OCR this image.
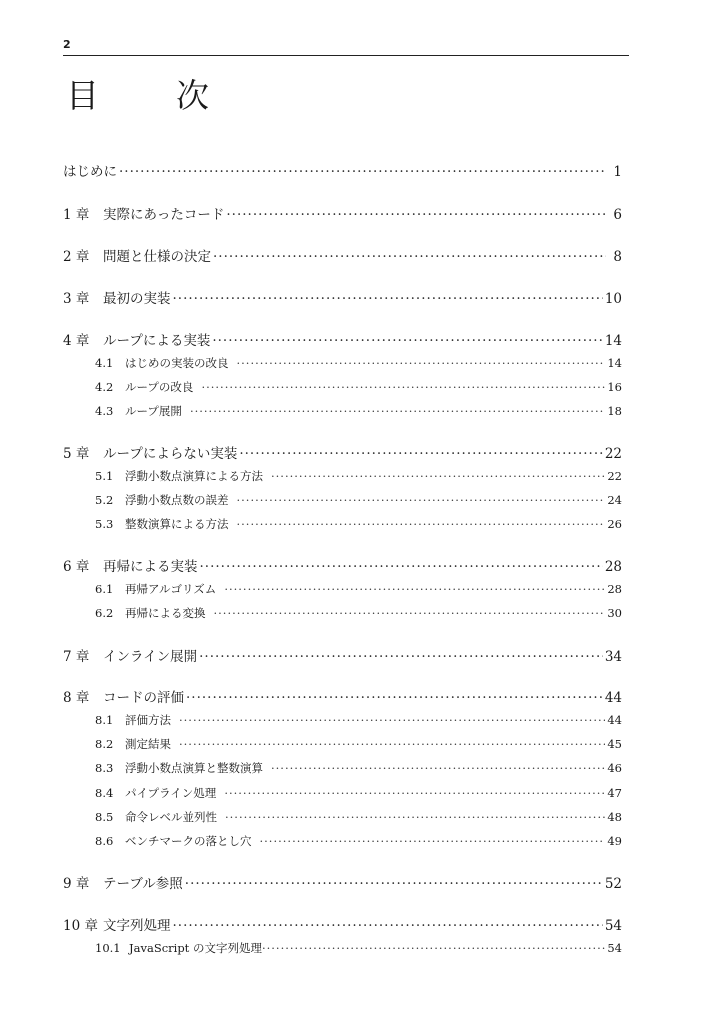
2
目　次
はじめに ·····	1
1 章	実際にあったコード ·····	6
2 章	問題と仕様の決定 ·····	8
3 章	最初の実装 ·····	10
4 章	ループによる実装 ·····	14
4.1	はじめの実装の改良 ·····	14
4.2	ループの改良 ·····	16
4.3	ループ展開 ·····	18
5 章	ループによらない実装 ·····	22
5.1	浮動小数点演算による方法 ·····	22
5.2	浮動小数点数の誤差 ·····	24
5.3	整数演算による方法 ·····	26
6 章	再帰による実装 ·····	28
6.1	再帰アルゴリズム ·····	28
6.2	再帰による変換 ·····	30
7 章	インライン展開 ·····	34
8 章	コードの評価 ·····	44
8.1	評価方法 ·····	44
8.2	測定結果 ·····	45
8.3	浮動小数点演算と整数演算 ·····	46
8.4	パイプライン処理 ·····	47
8.5	命令レベル並列性 ·····	48
8.6	ベンチマークの落とし穴 ·····	49
9 章	テーブル参照 ·····	52
10 章 文字列処理 ·····	54
10.1 JavaScript の文字列処理 ·····	54
